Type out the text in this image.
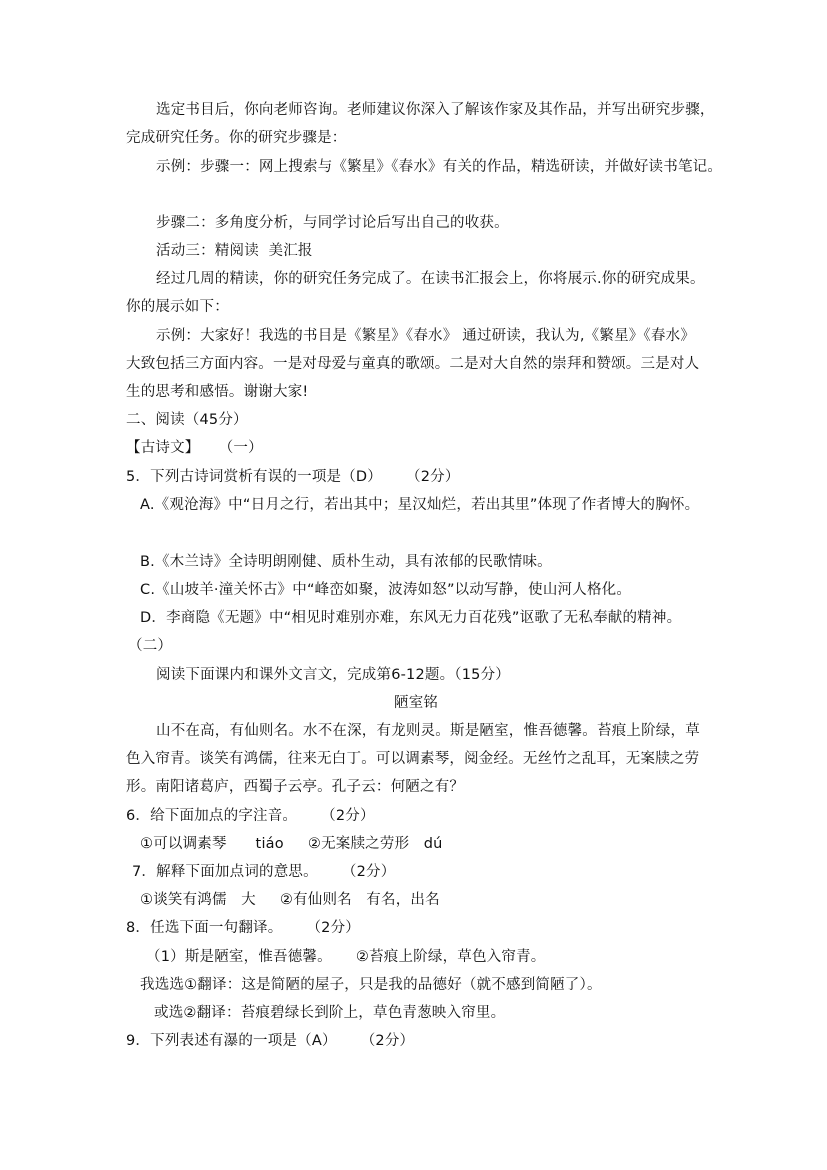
选定书目后，你向老师咨询。老师建议你深入了解该作家及其作品，并写出研究步骤，
完成研究任务。你的研究步骤是：
示例：步骤一：网上搜索与《繁星》《春水》有关的作品，精选研读，并做好读书笔记。
步骤二：多角度分析，与同学讨论后写出自己的收获。
活动三：精阅读  美汇报
经过几周的精读，你的研究任务完成了。在读书汇报会上，你将展示.你的研究成果。
你的展示如下：
示例：大家好！我选的书目是《繁星》《春水》 通过研读，我认为,《繁星》《春水》
大致包括三方面内容。一是对母爱与童真的歌颂。二是对大自然的崇拜和赞颂。三是对人
生的思考和感悟。谢谢大家!
二、阅读（45分）
【古诗文】    （一）
5．下列古诗词赏析有误的一项是（D）     （2分）
A.《观沧海》中“日月之行，若出其中；星汉灿烂，若出其里”体现了作者博大的胸怀。
B.《木兰诗》全诗明朗刚健、质朴生动，具有浓郁的民歌情味。
C.《山坡羊·潼关怀古》中“峰峦如聚，波涛如怒”以动写静，使山河人格化。
D．李商隐《无题》中“相见时难别亦难，东风无力百花残”讴歌了无私奉献的精神。
（二）
阅读下面课内和课外文言文，完成第6-12题。（15分）
陋室铭
山不在高，有仙则名。水不在深，有龙则灵。斯是陋室，惟吾德馨。苔痕上阶绿，草
色入帘青。谈笑有鸿儒，往来无白丁。可以调素琴，阅金经。无丝竹之乱耳，无案牍之劳
形。南阳诸葛庐，西蜀子云亭。孔子云：何陋之有？
6．给下面加点的字注音。     （2分）
①可以调素琴      tiáo     ②无案牍之劳形   dú
7．解释下面加点词的意思。     （2分）
①谈笑有鸿儒   大     ②有仙则名   有名，出名
8．任选下面一句翻译。     （2分）
（1）斯是陋室，惟吾德馨。     ②苔痕上阶绿，草色入帘青。
我选选①翻译：这是简陋的屋子，只是我的品德好（就不感到简陋了）。
或选②翻译：苔痕碧绿长到阶上，草色青葱映入帘里。
9．下列表述有瀑的一项是（A）     （2分）
